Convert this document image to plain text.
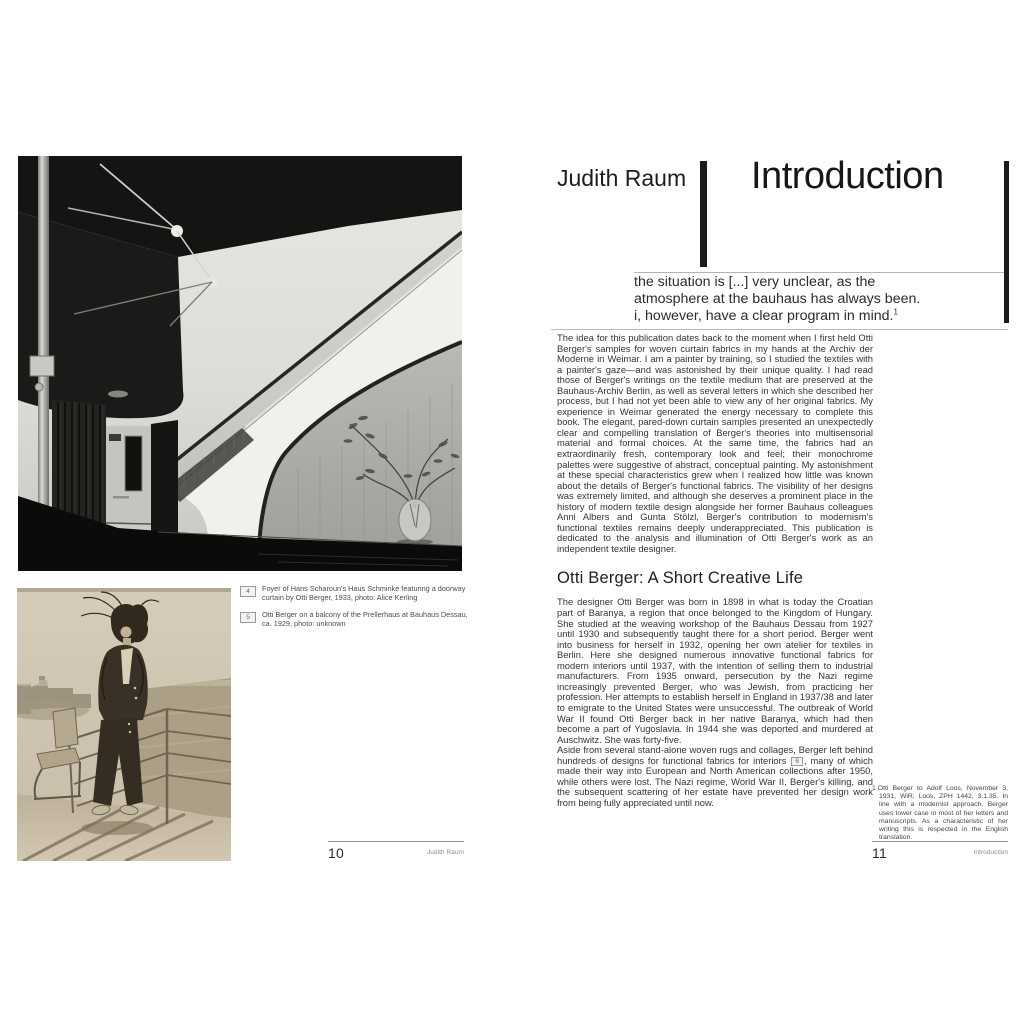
4	Foyer of Hans Scharoun's Haus Schminke featuring a doorway curtain by Otti Berger, 1933, photo: Alice Kerling
5	Otti Berger on a balcony of the Prellerhaus at Bauhaus Dessau, ca. 1929, photo: unknown
10	Judith Raum
Judith Raum Introduction
the situation is [...] very unclear, as the
atmosphere at the bauhaus has always been.
i, however, have a clear program in mind.$^1$

The idea for this publication dates back to the moment when I first held Otti Berger's samples for woven curtain fabrics in my hands at the Archiv der Moderne in Weimar. I am a painter by training, so I studied the textiles with a painter's gaze—and was astonished by their unique quality. I had read those of Berger's writings on the textile medium that are preserved at the Bauhaus-Archiv Berlin, as well as several letters in which she described her process, but I had not yet been able to view any of her original fabrics. My experience in Weimar generated the energy necessary to complete this book. The elegant, pared-down curtain samples presented an unexpectedly clear and compelling translation of Berger's theories into multisensorial material and formal choices. At the same time, the fabrics had an extraordinarily fresh, contemporary look and feel; their monochrome palettes were suggestive of abstract, conceptual painting. My astonishment at these special characteristics grew when I realized how little was known about the details of Berger's functional fabrics. The visibility of her designs was extremely limited, and although she deserves a prominent place in the history of modern textile design alongside her former Bauhaus colleagues Anni Albers and Gunta Stölzl, Berger's contribution to modernism's functional textiles remains deeply underappreciated. This publication is dedicated to the analysis and illumination of Otti Berger's work as an independent textile designer.

Otti Berger: A Short Creative Life

The designer Otti Berger was born in 1898 in what is today the Croatian part of Baranya, a region that once belonged to the Kingdom of Hungary. She studied at the weaving workshop of the Bauhaus Dessau from 1927 until 1930 and subsequently taught there for a short period. Berger went into business for herself in 1932, opening her own atelier for textiles in Berlin. Here she designed numerous innovative functional fabrics for modern interiors until 1937, with the intention of selling them to industrial manufacturers. From 1935 onward, persecution by the Nazi regime increasingly prevented Berger, who was Jewish, from practicing her profession. Her attempts to establish herself in England in 1937/38 and later to emigrate to the United States were unsuccessful. The outbreak of World War II found Otti Berger back in her native Baranya, which had then become a part of Yugoslavia. In 1944 she was deported and murdered at Auschwitz. She was forty-five.

Aside from several stand-alone woven rugs and collages, Berger left behind hundreds of designs for functional fabrics for interiors 6 , many of which made their way into European and North American collections after 1950, while others were lost. The Nazi regime, World War II, Berger's killing, and the subsequent scattering of her estate have prevented her design work from being fully appreciated until now.

1 Otti Berger to Adolf Loos, November 3, 1931, WiR, Loos, ZPH 1442, 3.1.35. In line with a modernist approach, Berger uses lower case in most of her letters and manuscripts. As a characteristic of her writing this is respected in the English translation.

11	Introduction
